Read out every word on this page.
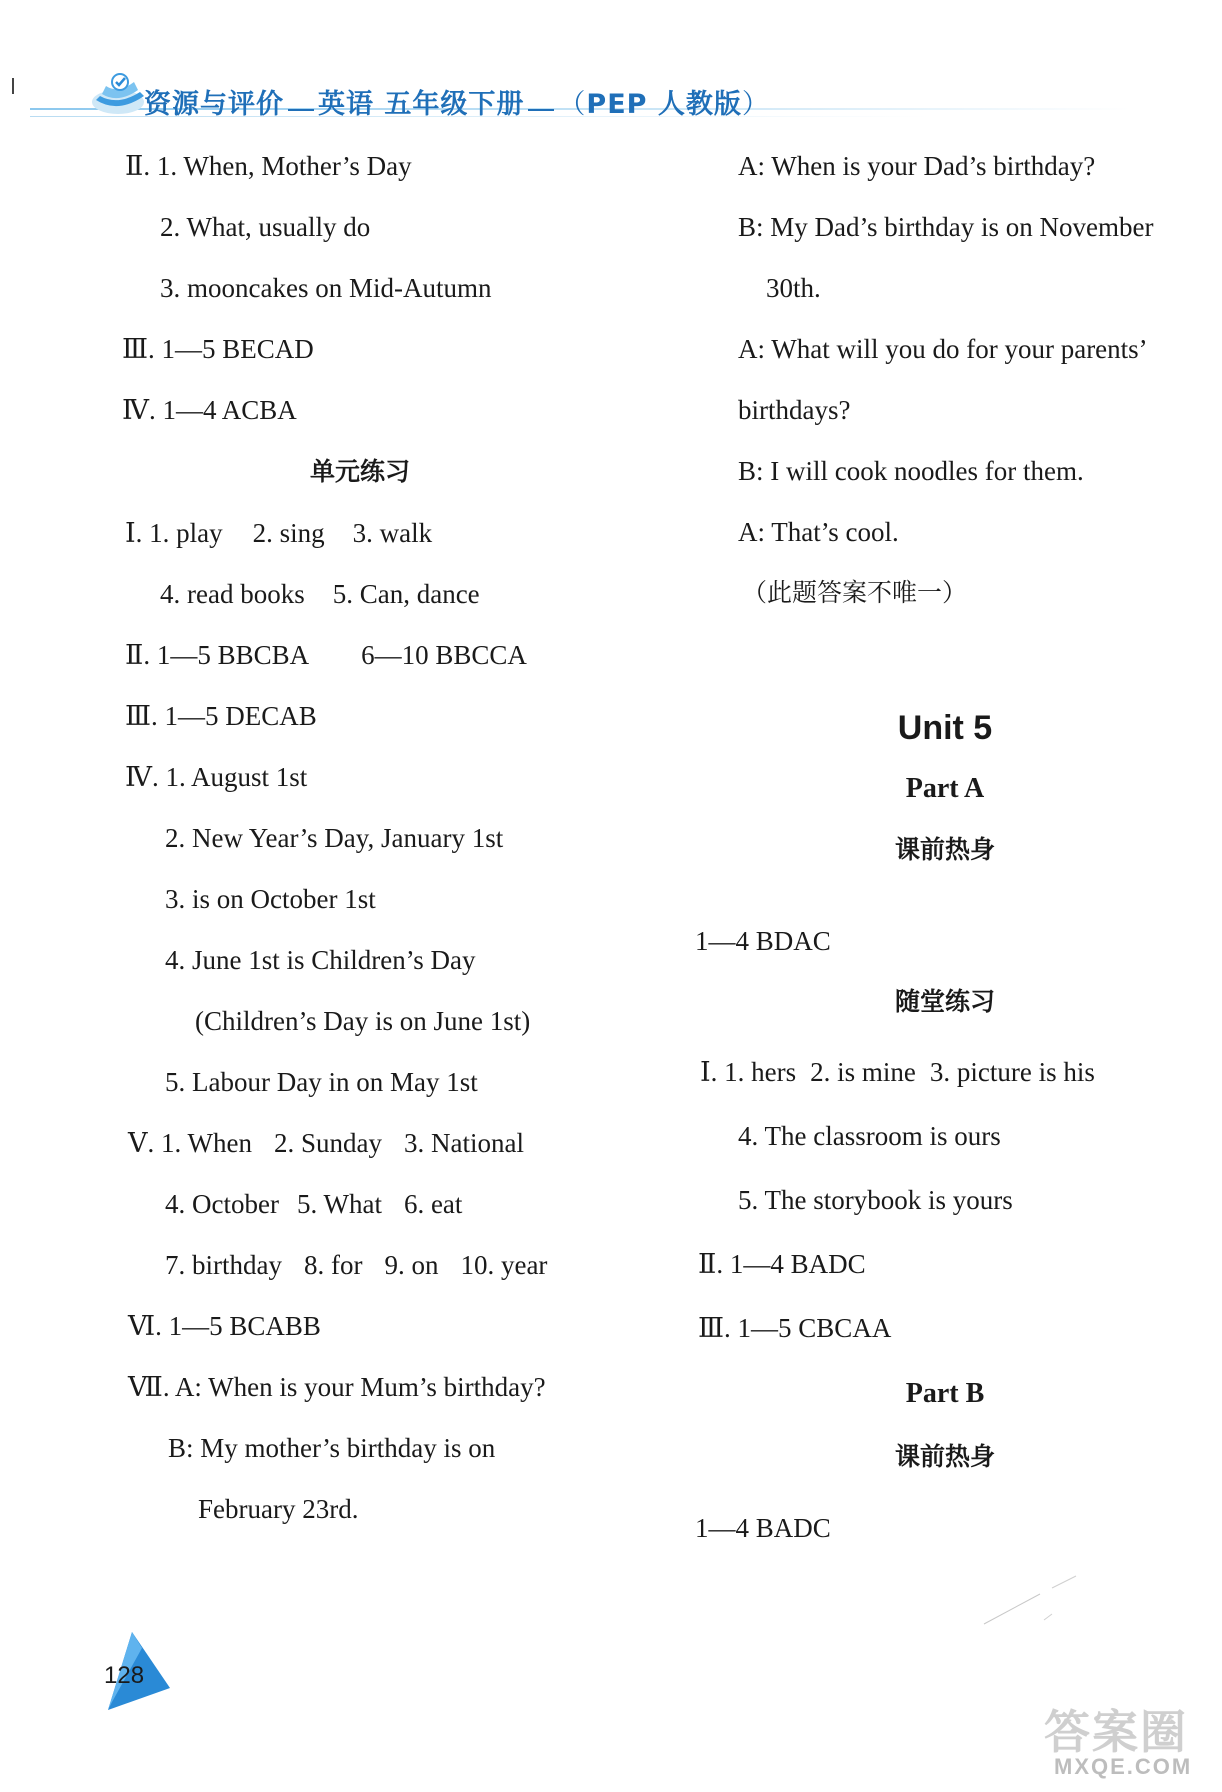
资源与评价 英语 五年级下册 （PEP 人教版）
Ⅱ. 1. When, Mother’s Day
2. What, usually do
3. mooncakes on Mid-Autumn
Ⅲ. 1—5 BECAD
Ⅳ. 1—4 ACBA
单元练习
Ⅰ. 1. play 2. sing 3. walk
4. read books 5. Can, dance
Ⅱ. 1—5 BBCBA 6—10 BBCCA
Ⅲ. 1—5 DECAB
Ⅳ. 1. August 1st
2. New Year’s Day, January 1st
3. is on October 1st
4. June 1st is Children’s Day
(Children’s Day is on June 1st)
5. Labour Day in on May 1st
Ⅴ. 1. When 2. Sunday 3. National
4. October 5. What 6. eat
7. birthday 8. for 9. on 10. year
Ⅵ. 1—5 BCABB
Ⅶ. A: When is your Mum’s birthday?
B: My mother’s birthday is on
February 23rd.
A: When is your Dad’s birthday?
B: My Dad’s birthday is on November
30th.
A: What will you do for your parents’
birthdays?
B: I will cook noodles for them.
A: That’s cool.
（此题答案不唯一）
Unit 5
Part A
课前热身
1—4 BDAC
随堂练习
Ⅰ. 1. hers 2. is mine 3. picture is his
4. The classroom is ours
5. The storybook is yours
Ⅱ. 1—4 BADC
Ⅲ. 1—5 CBCAA
Part B
课前热身
1—4 BADC
128
答案圈
MXQE.COM
